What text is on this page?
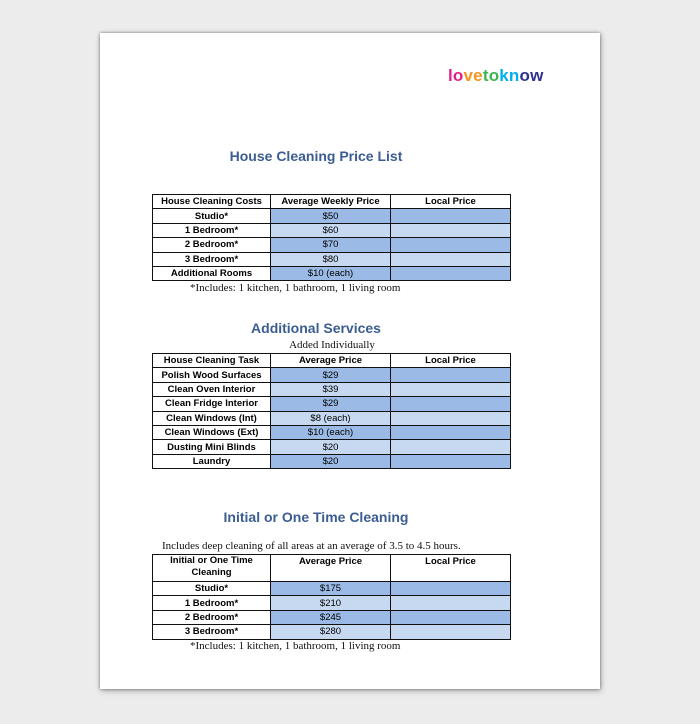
lovetoknow
House Cleaning Price List
House Cleaning Costs	Average Weekly Price	Local Price
Studio*	$50	
1 Bedroom*	$60	
2 Bedroom*	$70	
3 Bedroom*	$80	
Additional Rooms	$10 (each)	
*Includes: 1 kitchen, 1 bathroom, 1 living room
Additional Services
Added Individually
House Cleaning Task	Average Price	Local Price
Polish Wood Surfaces	$29	
Clean Oven Interior	$39	
Clean Fridge Interior	$29	
Clean Windows (Int)	$8 (each)	
Clean Windows (Ext)	$10 (each)	
Dusting Mini Blinds	$20	
Laundry	$20	
Initial or One Time Cleaning
Includes deep cleaning of all areas at an average of 3.5 to 4.5 hours.
Initial or One Time Cleaning	Average Price	Local Price
Studio*	$175	
1 Bedroom*	$210	
2 Bedroom*	$245	
3 Bedroom*	$280	
*Includes: 1 kitchen, 1 bathroom, 1 living room
